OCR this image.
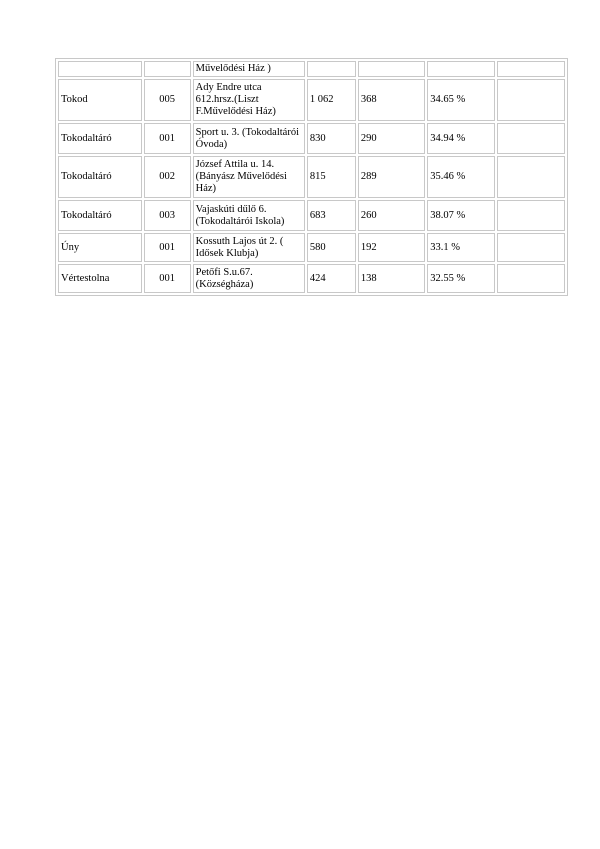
		Művelődési Ház )				
Tokod	005	Ady Endre utca 612.hrsz.(Liszt F.Művelődési Ház)	1 062	368	34.65 %	
Tokodaltáró	001	Sport u. 3. (Tokodaltárói Óvoda)	830	290	34.94 %	
Tokodaltáró	002	József Attila u. 14. (Bányász Művelődési Ház)	815	289	35.46 %	
Tokodaltáró	003	Vajaskúti dűlő 6. (Tokodaltárói Iskola)	683	260	38.07 %	
Úny	001	Kossuth Lajos út 2. ( Idősek Klubja)	580	192	33.1 %	
Vértestolna	001	Petőfi S.u.67. (Községháza)	424	138	32.55 %	
